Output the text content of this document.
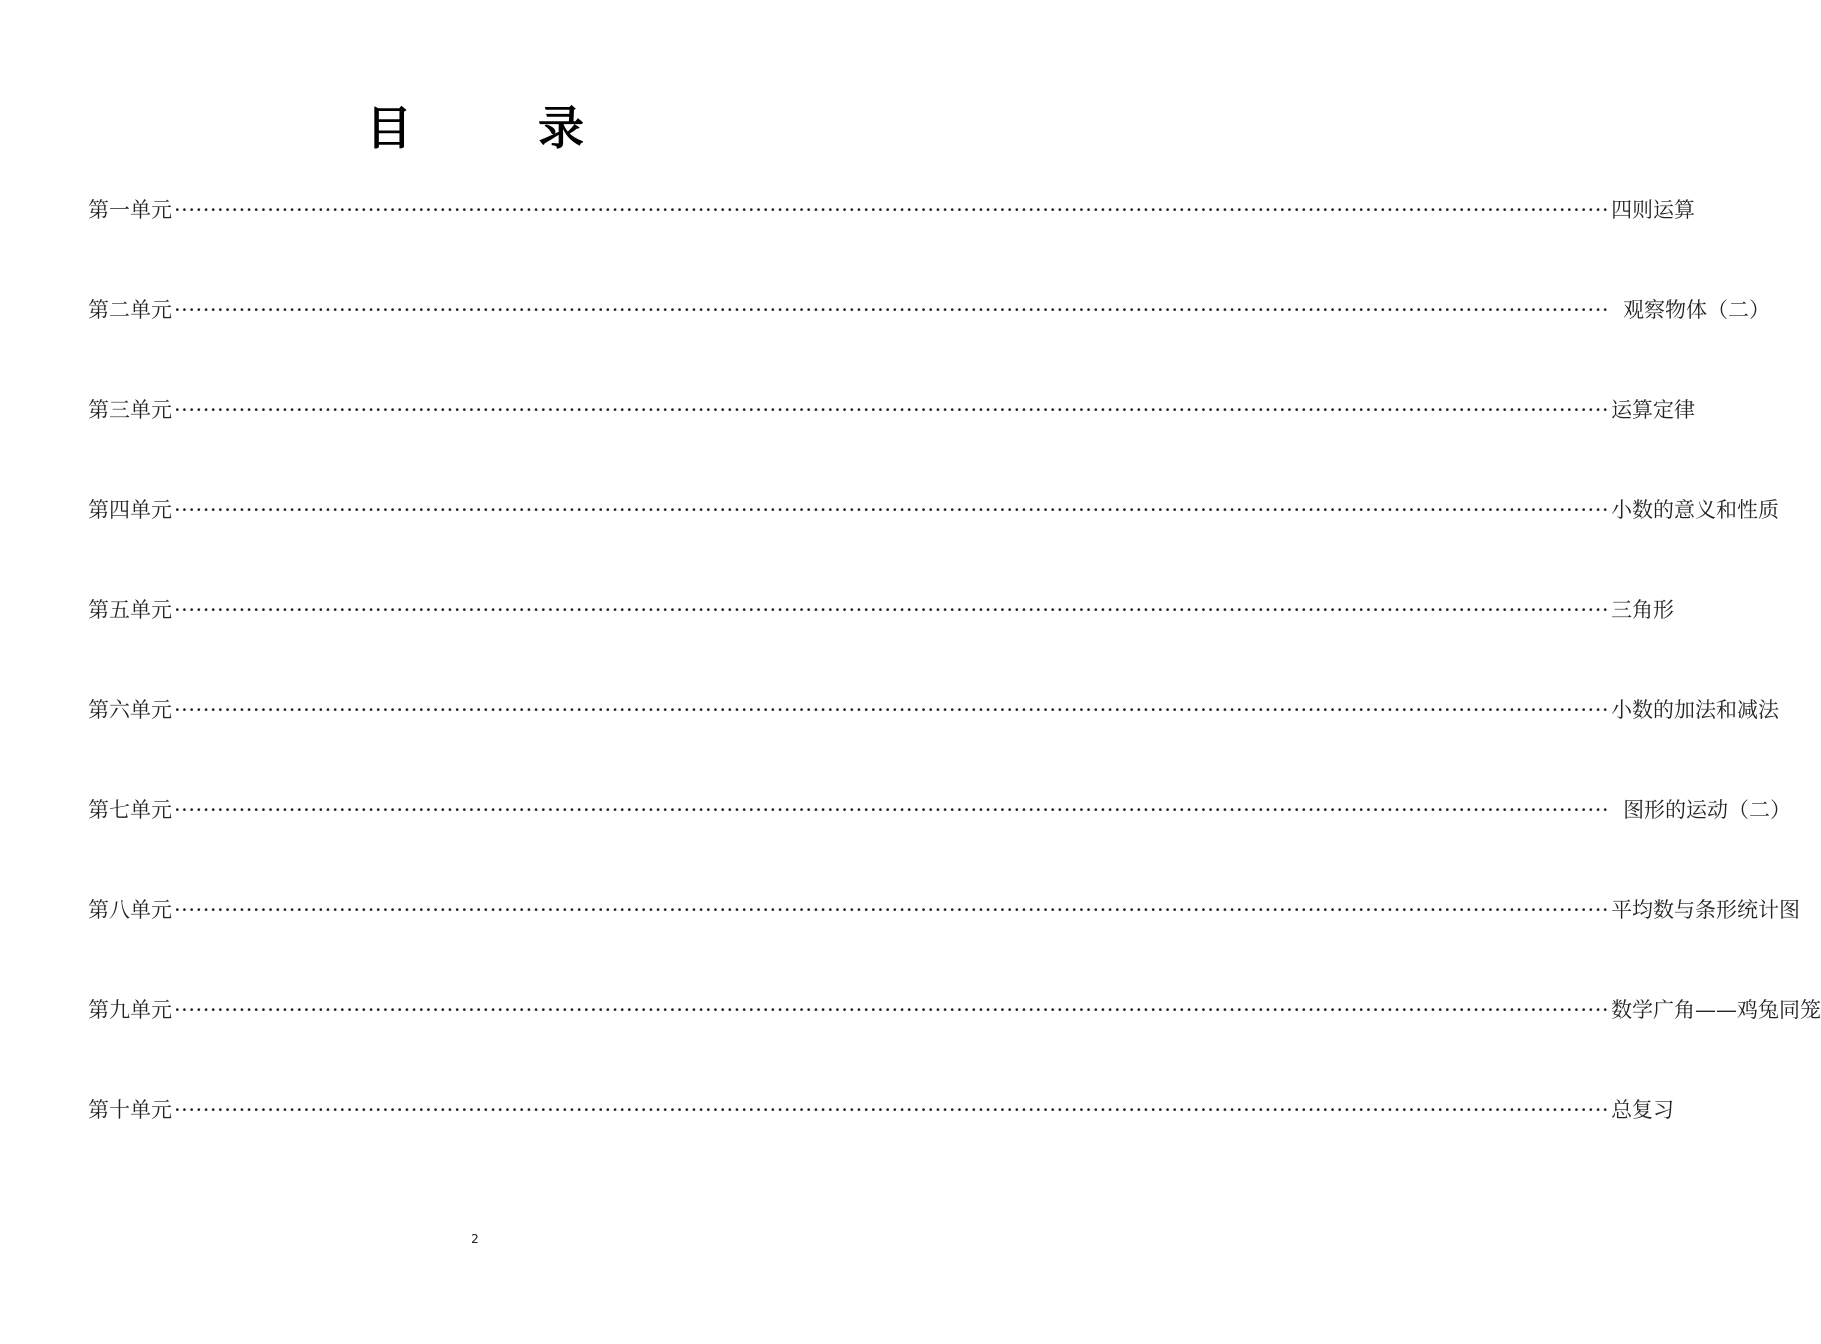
目　录
第一单元 ········································································································································································································ 四则运算
第二单元 ········································································································································································································ 观察物体（二）
第三单元 ········································································································································································································ 运算定律
第四单元 ········································································································································································································ 小数的意义和性质
第五单元 ········································································································································································································ 三角形
第六单元 ········································································································································································································ 小数的加法和减法
第七单元 ········································································································································································································ 图形的运动（二）
第八单元 ········································································································································································································ 平均数与条形统计图
第九单元 ········································································································································································································ 数学广角——鸡兔同笼
第十单元 ········································································································································································································ 总复习
2
